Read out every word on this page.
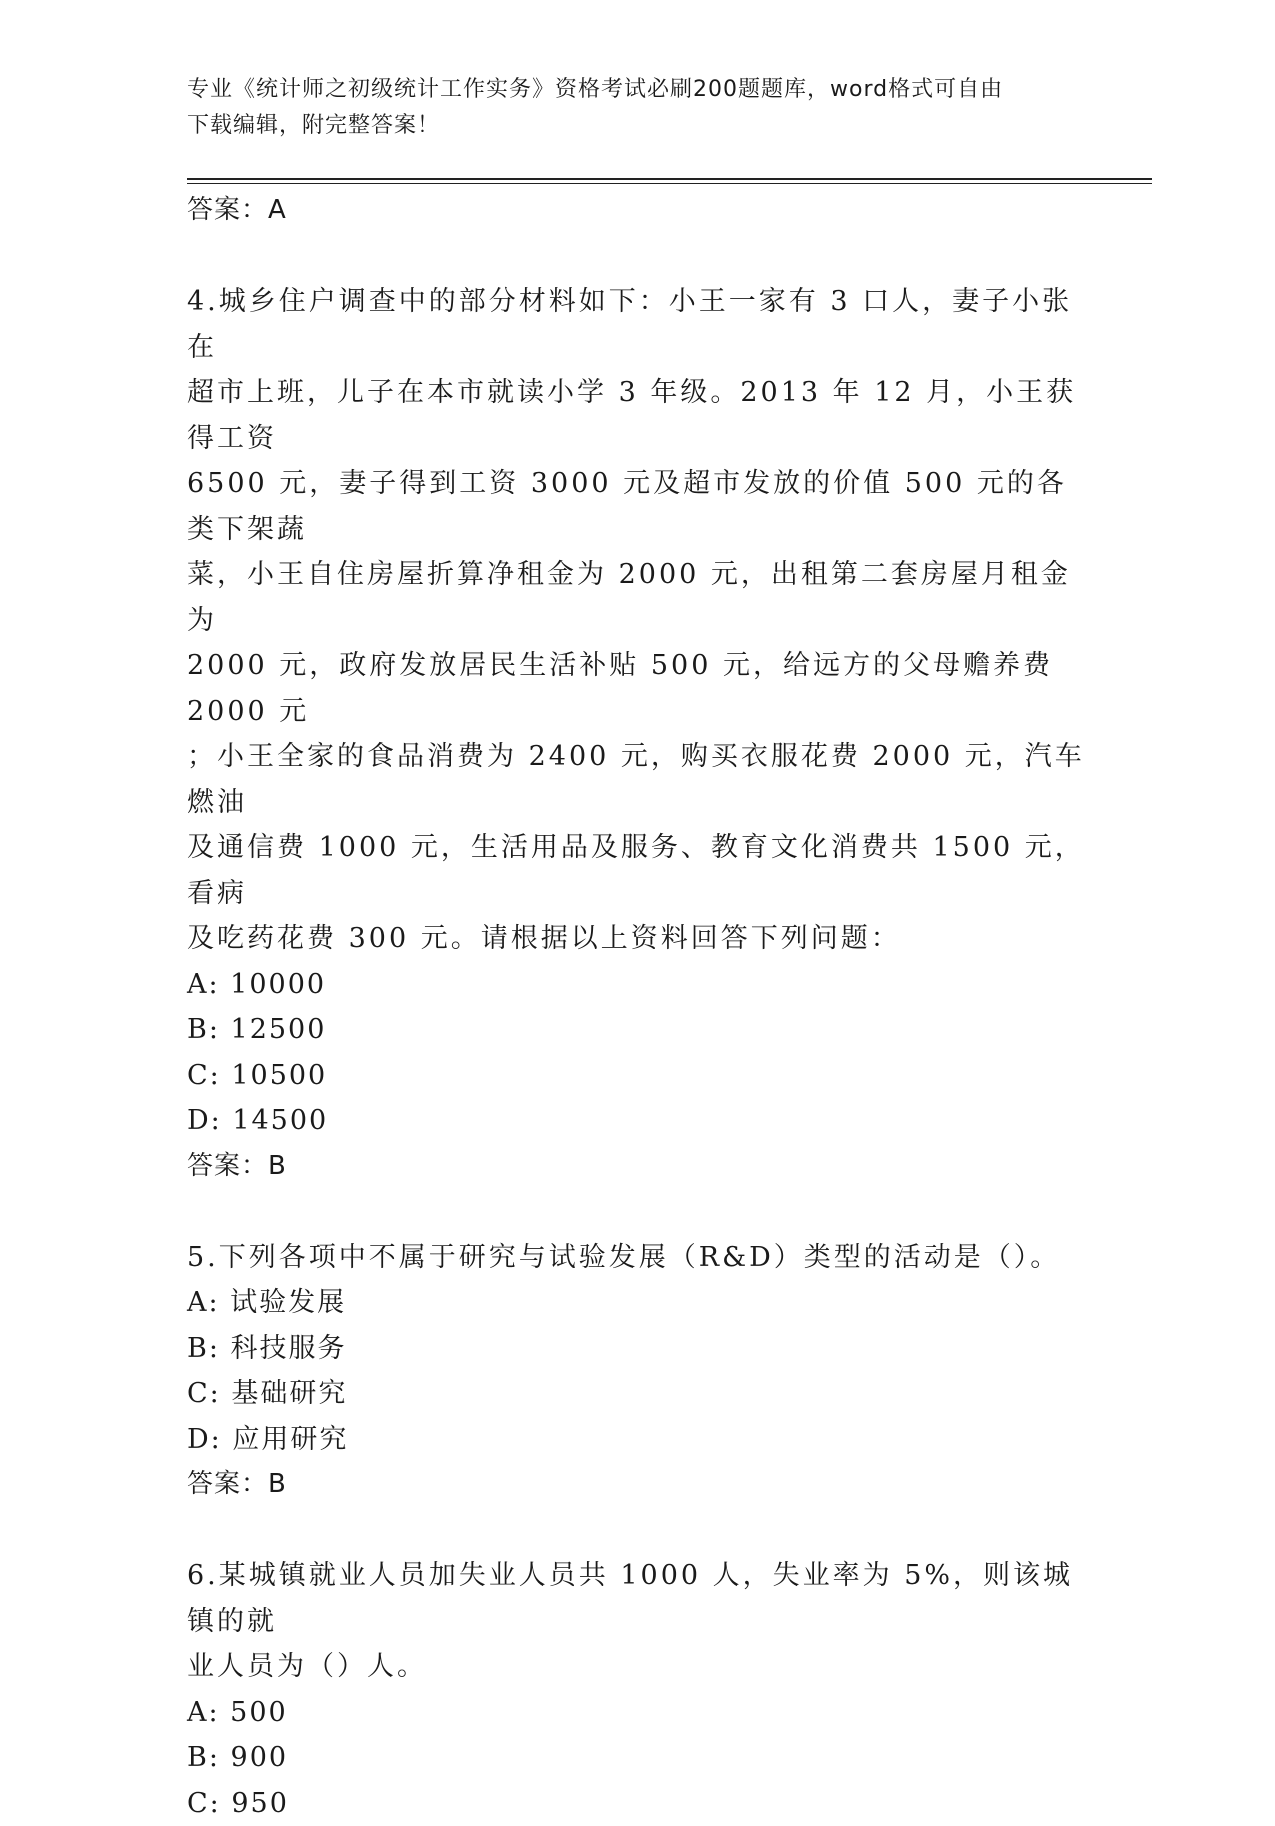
专业《统计师之初级统计工作实务》资格考试必刷200题题库，word格式可自由
下载编辑，附完整答案！
答案：A
4.城乡住户调查中的部分材料如下：小王一家有 3 口人，妻子小张在
超市上班，儿子在本市就读小学 3 年级。2013 年 12 月，小王获得工资
6500 元，妻子得到工资 3000 元及超市发放的价值 500 元的各类下架蔬
菜，小王自住房屋折算净租金为 2000 元，出租第二套房屋月租金为
2000 元，政府发放居民生活补贴 500 元，给远方的父母赡养费 2000 元
；小王全家的食品消费为 2400 元，购买衣服花费 2000 元，汽车燃油
及通信费 1000 元，生活用品及服务、教育文化消费共 1500 元，看病
及吃药花费 300 元。请根据以上资料回答下列问题：
A: 10000
B: 12500
C: 10500
D: 14500
答案：B
5.下列各项中不属于研究与试验发展（R&D）类型的活动是（）。
A: 试验发展
B: 科技服务
C: 基础研究
D: 应用研究
答案：B
6.某城镇就业人员加失业人员共 1000 人，失业率为 5%，则该城镇的就
业人员为（）人。
A: 500
B: 900
C: 950
